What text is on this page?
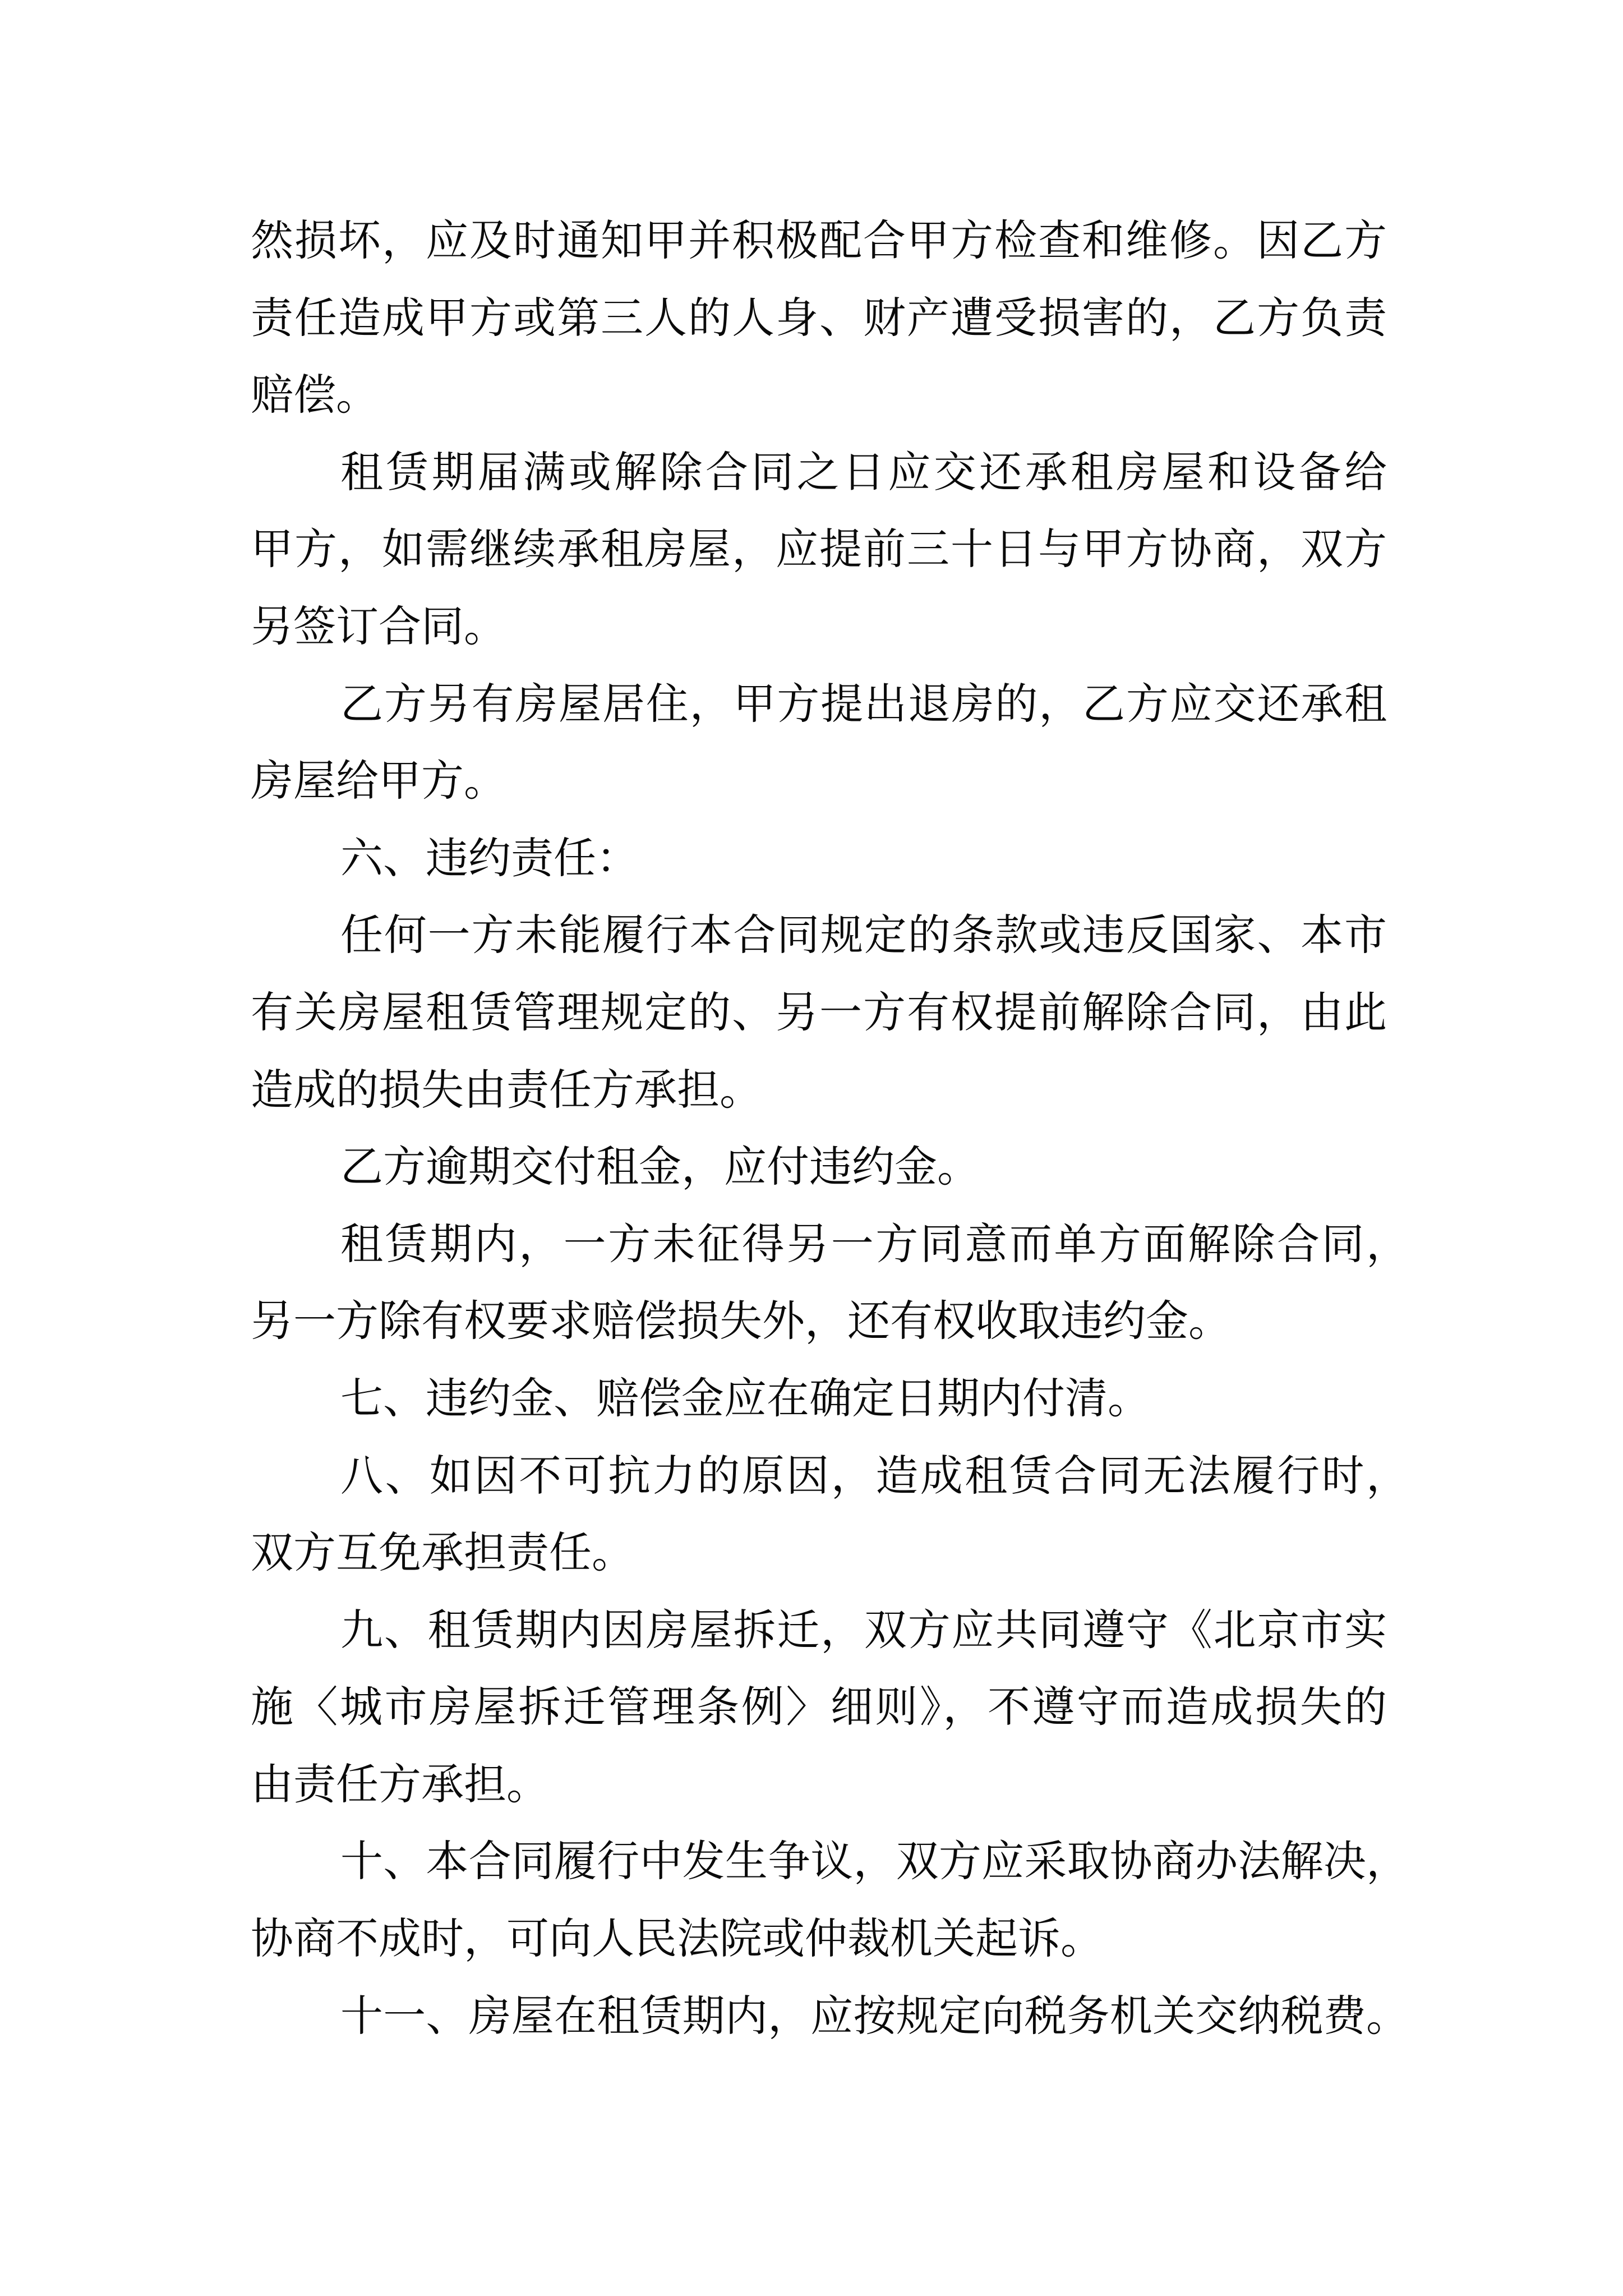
然损坏，应及时通知甲并积极配合甲方检查和维修。因乙方
责任造成甲方或第三人的人身、财产遭受损害的，乙方负责
赔偿。
租赁期届满或解除合同之日应交还承租房屋和设备给
甲方，如需继续承租房屋，应提前三十日与甲方协商，双方
另签订合同。
乙方另有房屋居住，甲方提出退房的，乙方应交还承租
房屋给甲方。
六、违约责任：
任何一方未能履行本合同规定的条款或违反国家、本市
有关房屋租赁管理规定的、另一方有权提前解除合同，由此
造成的损失由责任方承担。
乙方逾期交付租金，应付违约金。
租赁期内，一方未征得另一方同意而单方面解除合同，
另一方除有权要求赔偿损失外，还有权收取违约金。
七、违约金、赔偿金应在确定日期内付清。
八、如因不可抗力的原因，造成租赁合同无法履行时，
双方互免承担责任。
九、租赁期内因房屋拆迁，双方应共同遵守《北京市实
施〈城市房屋拆迁管理条例〉细则》，不遵守而造成损失的
由责任方承担。
十、本合同履行中发生争议，双方应采取协商办法解决，
协商不成时，可向人民法院或仲裁机关起诉。
十一、房屋在租赁期内，应按规定向税务机关交纳税费。
